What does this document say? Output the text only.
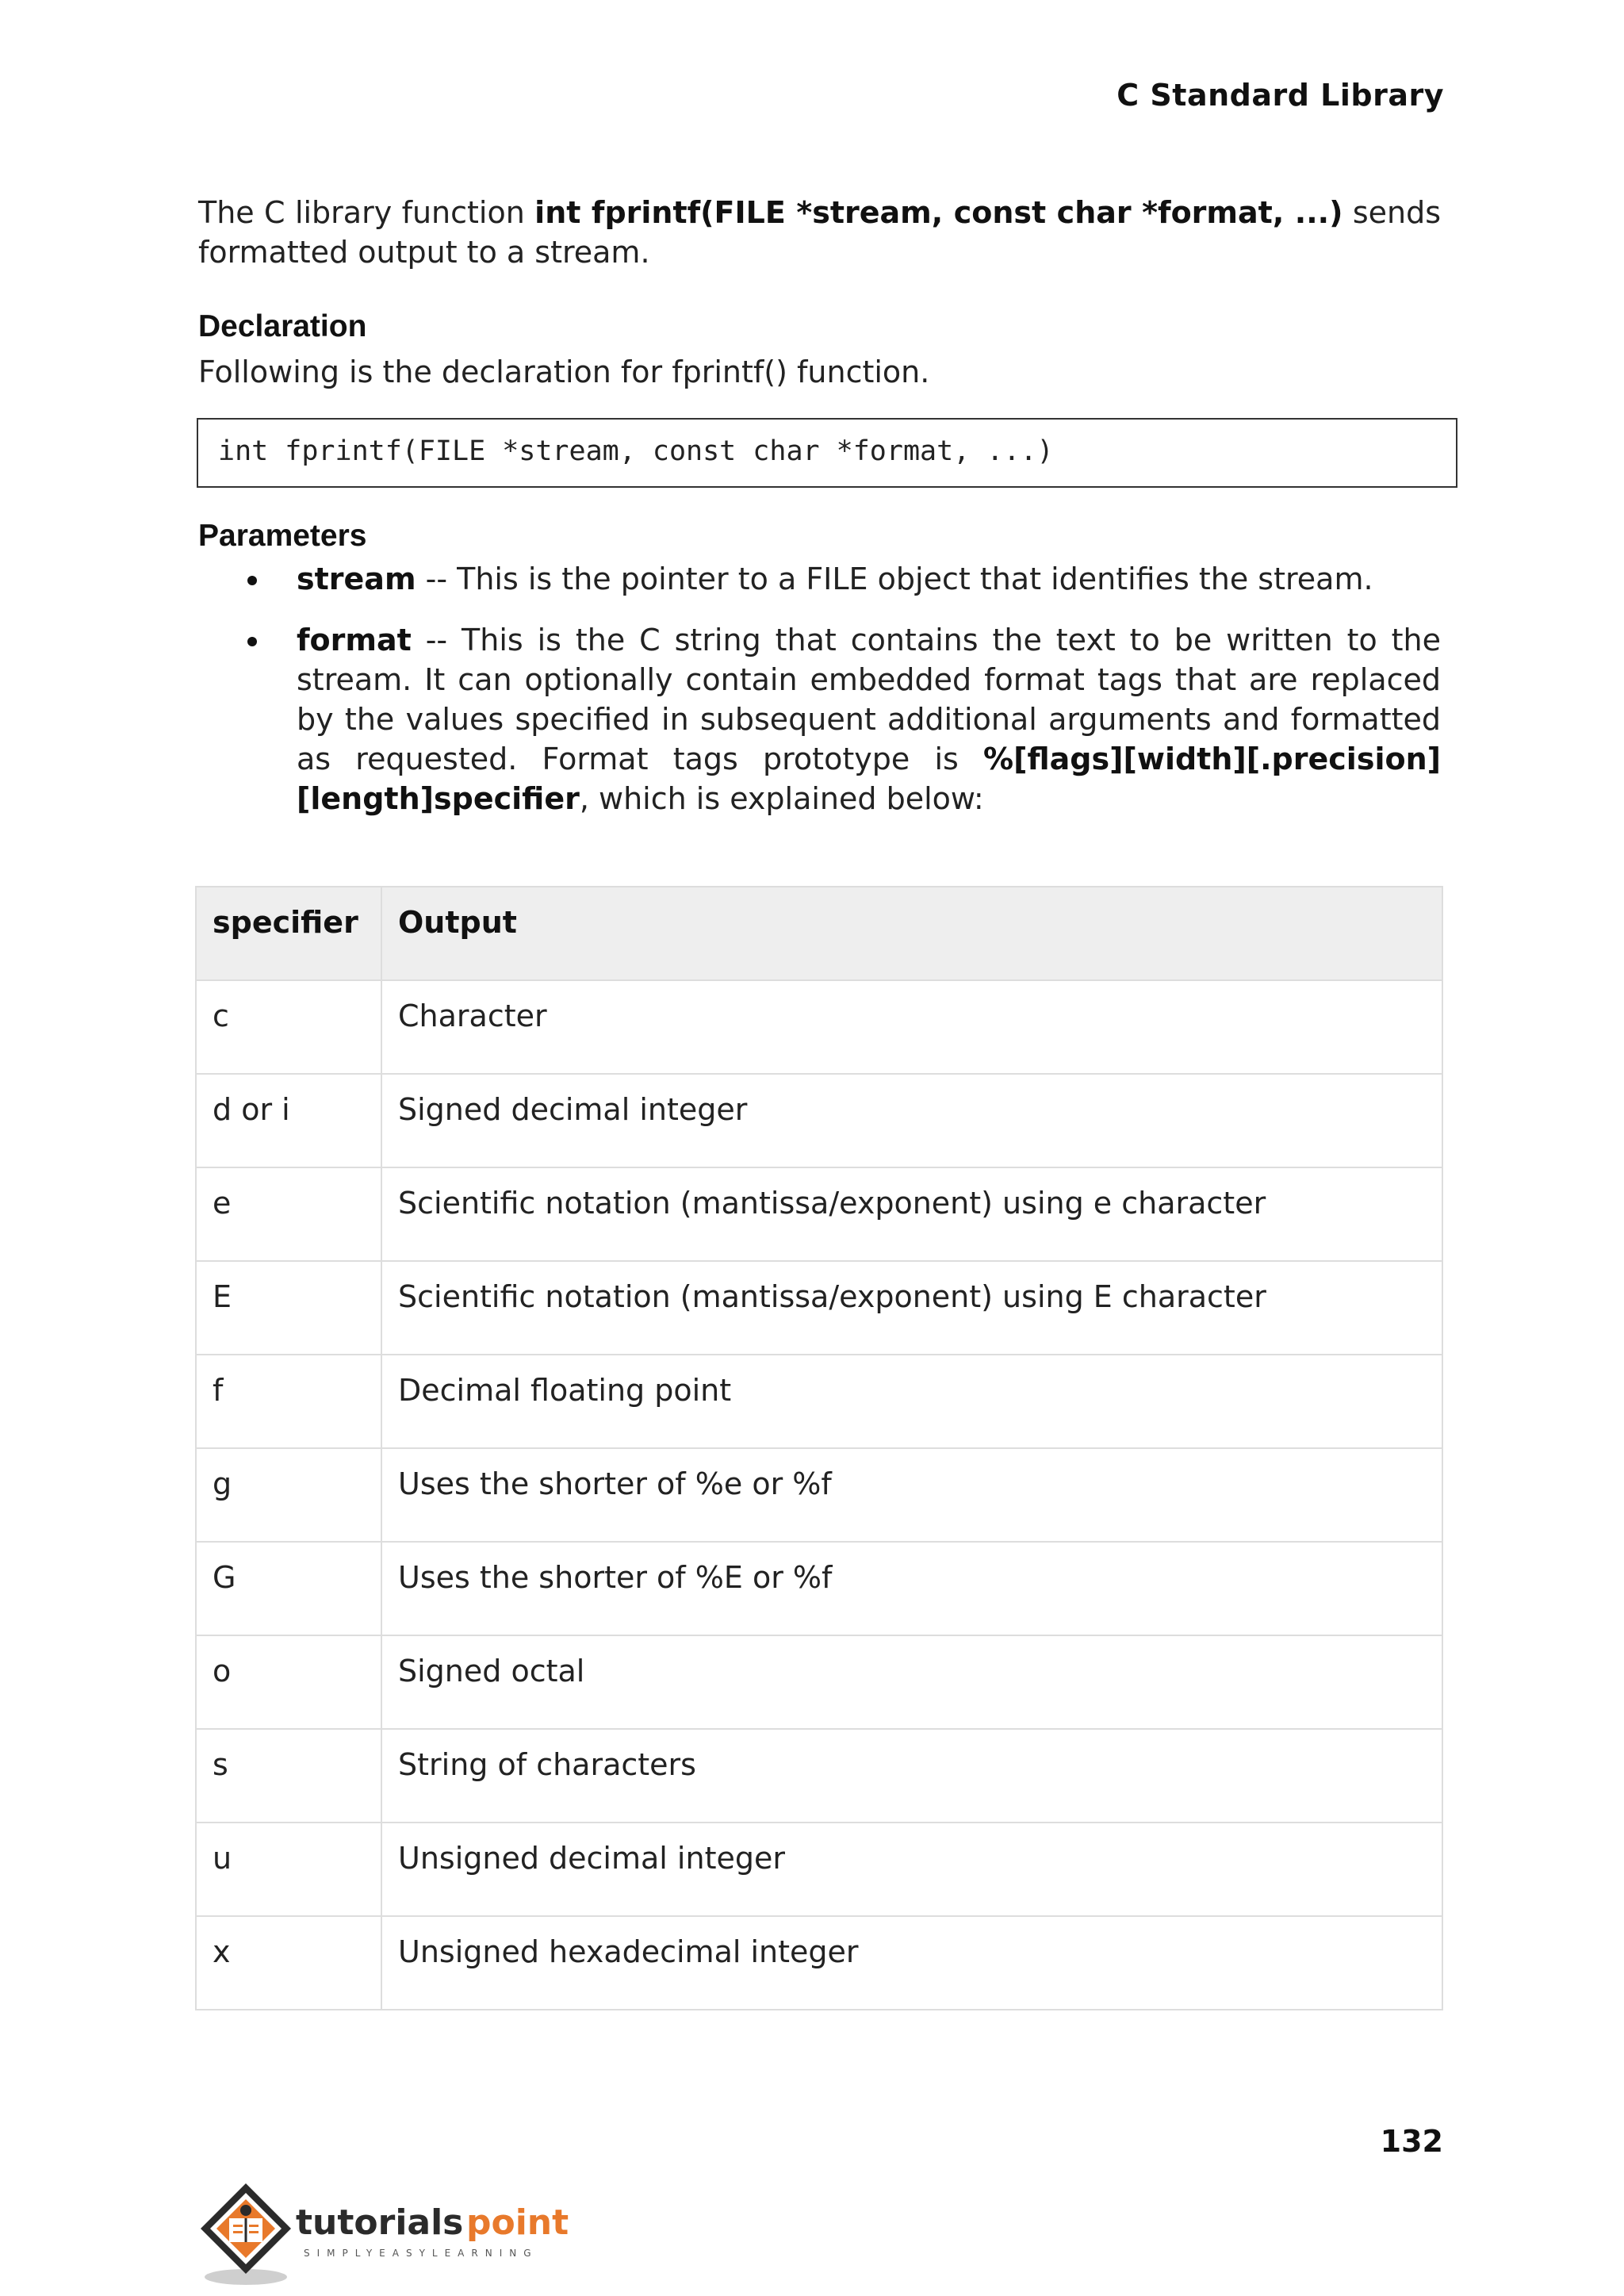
C Standard Library
The C library function int fprintf(FILE *stream, const char *format, ...) sends formatted output to a stream.
Declaration
Following is the declaration for fprintf() function.
int fprintf(FILE *stream, const char *format, ...)
Parameters
stream -- This is the pointer to a FILE object that identifies the stream.
format -- This is the C string that contains the text to be written to the stream. It can optionally contain embedded format tags that are replaced by the values specified in subsequent additional arguments and formatted as requested. Format tags prototype is %[flags][width][.precision][length]specifier, which is explained below:
specifier	Output
c	Character
d or i	Signed decimal integer
e	Scientific notation (mantissa/exponent) using e character
E	Scientific notation (mantissa/exponent) using E character
f	Decimal floating point
g	Uses the shorter of %e or %f
G	Uses the shorter of %E or %f
o	Signed octal
s	String of characters
u	Unsigned decimal integer
x	Unsigned hexadecimal integer
132
tutorials point
SIMPLYEASYLEARNING
